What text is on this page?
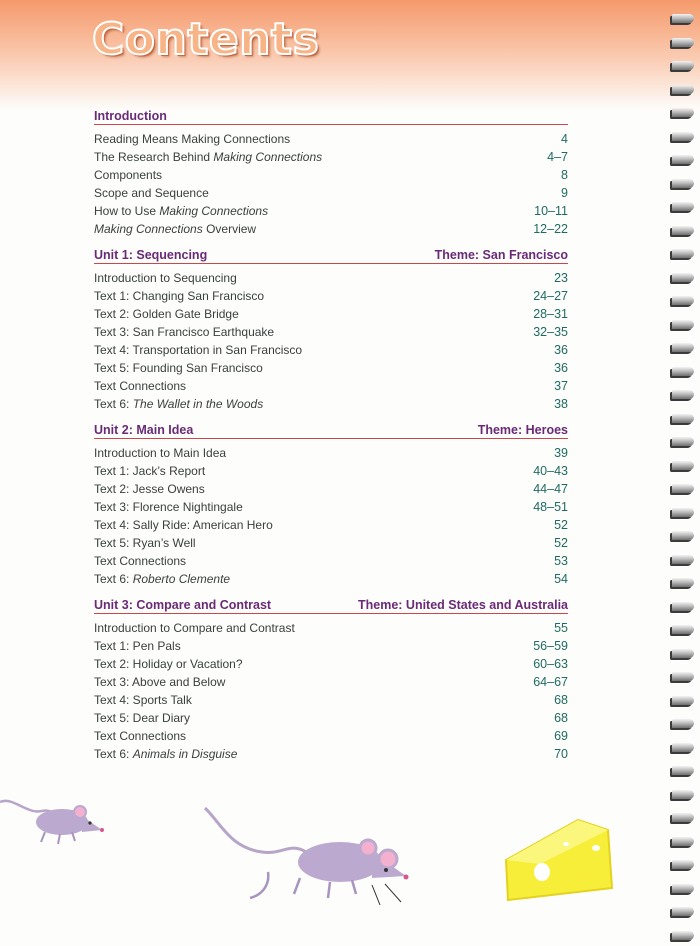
Contents
Introduction
Reading Means Making Connections	4
The Research Behind Making Connections	4–7
Components	8
Scope and Sequence	9
How to Use Making Connections	10–11
Making Connections Overview	12–22
Unit 1: Sequencing	Theme: San Francisco
Introduction to Sequencing	23
Text 1: Changing San Francisco	24–27
Text 2: Golden Gate Bridge	28–31
Text 3: San Francisco Earthquake	32–35
Text 4: Transportation in San Francisco	36
Text 5: Founding San Francisco	36
Text Connections	37
Text 6: The Wallet in the Woods	38
Unit 2: Main Idea	Theme: Heroes
Introduction to Main Idea	39
Text 1: Jack’s Report	40–43
Text 2: Jesse Owens	44–47
Text 3: Florence Nightingale	48–51
Text 4: Sally Ride: American Hero	52
Text 5: Ryan’s Well	52
Text Connections	53
Text 6: Roberto Clemente	54
Unit 3: Compare and Contrast	Theme: United States and Australia
Introduction to Compare and Contrast	55
Text 1: Pen Pals	56–59
Text 2: Holiday or Vacation?	60–63
Text 3: Above and Below	64–67
Text 4: Sports Talk	68
Text 5: Dear Diary	68
Text Connections	69
Text 6: Animals in Disguise	70
